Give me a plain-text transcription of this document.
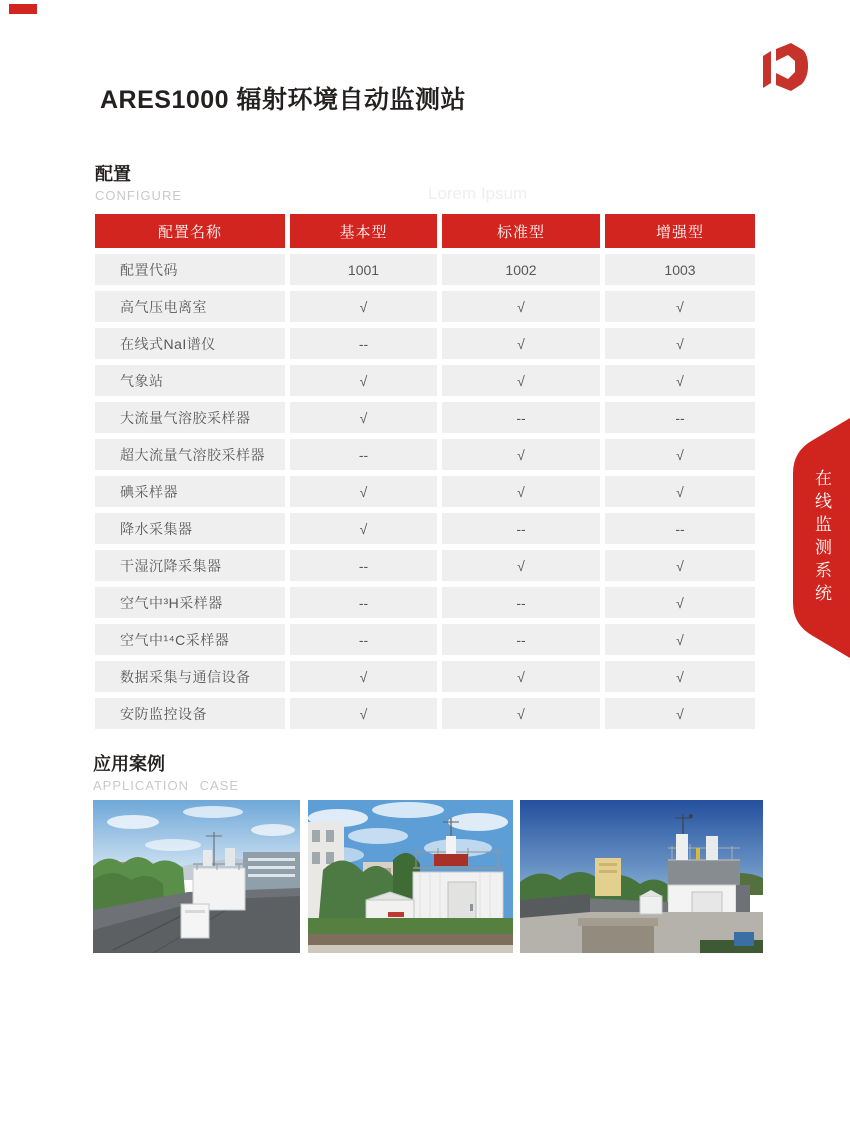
ARES1000 辐射环境自动监测站
配置
CONFIGURE	Lorem Ipsum
配置名称	基本型	标准型	增强型
配置代码	1001	1002	1003
高气压电离室	√	√	√
在线式NaI谱仪	--	√	√
气象站	√	√	√
大流量气溶胶采样器	√	--	--
超大流量气溶胶采样器	--	√	√
碘采样器	√	√	√
降水采集器	√	--	--
干湿沉降采集器	--	√	√
空气中³H采样器	--	--	√
空气中¹⁴C采样器	--	--	√
数据采集与通信设备	√	√	√
安防监控设备	√	√	√
在线监测系统
应用案例
APPLICATION CASE
